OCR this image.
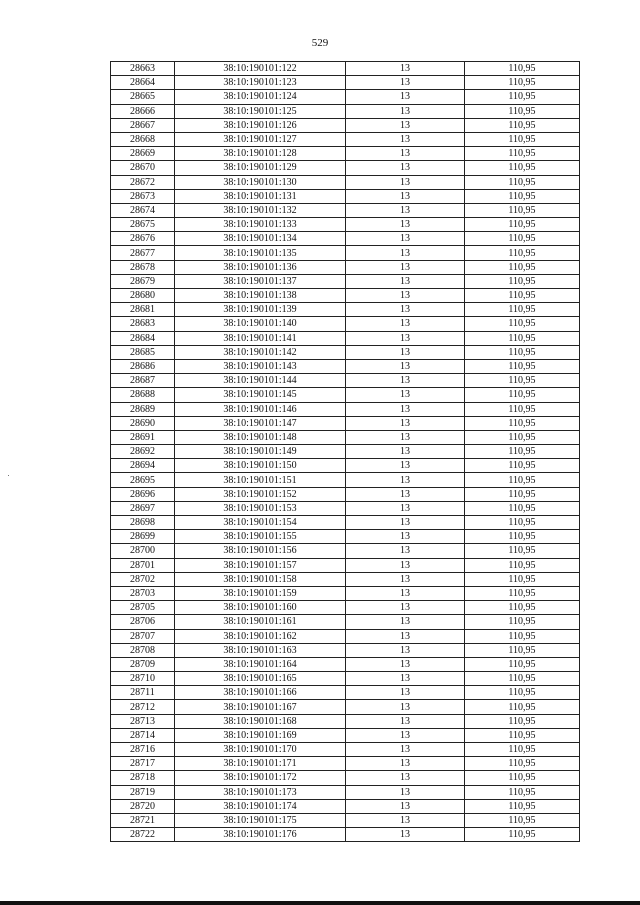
529
28663	38:10:190101:122	13	110,95
28664	38:10:190101:123	13	110,95
28665	38:10:190101:124	13	110,95
28666	38:10:190101:125	13	110,95
28667	38:10:190101:126	13	110,95
28668	38:10:190101:127	13	110,95
28669	38:10:190101:128	13	110,95
28670	38:10:190101:129	13	110,95
28672	38:10:190101:130	13	110,95
28673	38:10:190101:131	13	110,95
28674	38:10:190101:132	13	110,95
28675	38:10:190101:133	13	110,95
28676	38:10:190101:134	13	110,95
28677	38:10:190101:135	13	110,95
28678	38:10:190101:136	13	110,95
28679	38:10:190101:137	13	110,95
28680	38:10:190101:138	13	110,95
28681	38:10:190101:139	13	110,95
28683	38:10:190101:140	13	110,95
28684	38:10:190101:141	13	110,95
28685	38:10:190101:142	13	110,95
28686	38:10:190101:143	13	110,95
28687	38:10:190101:144	13	110,95
28688	38:10:190101:145	13	110,95
28689	38:10:190101:146	13	110,95
28690	38:10:190101:147	13	110,95
28691	38:10:190101:148	13	110,95
28692	38:10:190101:149	13	110,95
28694	38:10:190101:150	13	110,95
28695	38:10:190101:151	13	110,95
28696	38:10:190101:152	13	110,95
28697	38:10:190101:153	13	110,95
28698	38:10:190101:154	13	110,95
28699	38:10:190101:155	13	110,95
28700	38:10:190101:156	13	110,95
28701	38:10:190101:157	13	110,95
28702	38:10:190101:158	13	110,95
28703	38:10:190101:159	13	110,95
28705	38:10:190101:160	13	110,95
28706	38:10:190101:161	13	110,95
28707	38:10:190101:162	13	110,95
28708	38:10:190101:163	13	110,95
28709	38:10:190101:164	13	110,95
28710	38:10:190101:165	13	110,95
28711	38:10:190101:166	13	110,95
28712	38:10:190101:167	13	110,95
28713	38:10:190101:168	13	110,95
28714	38:10:190101:169	13	110,95
28716	38:10:190101:170	13	110,95
28717	38:10:190101:171	13	110,95
28718	38:10:190101:172	13	110,95
28719	38:10:190101:173	13	110,95
28720	38:10:190101:174	13	110,95
28721	38:10:190101:175	13	110,95
28722	38:10:190101:176	13	110,95
